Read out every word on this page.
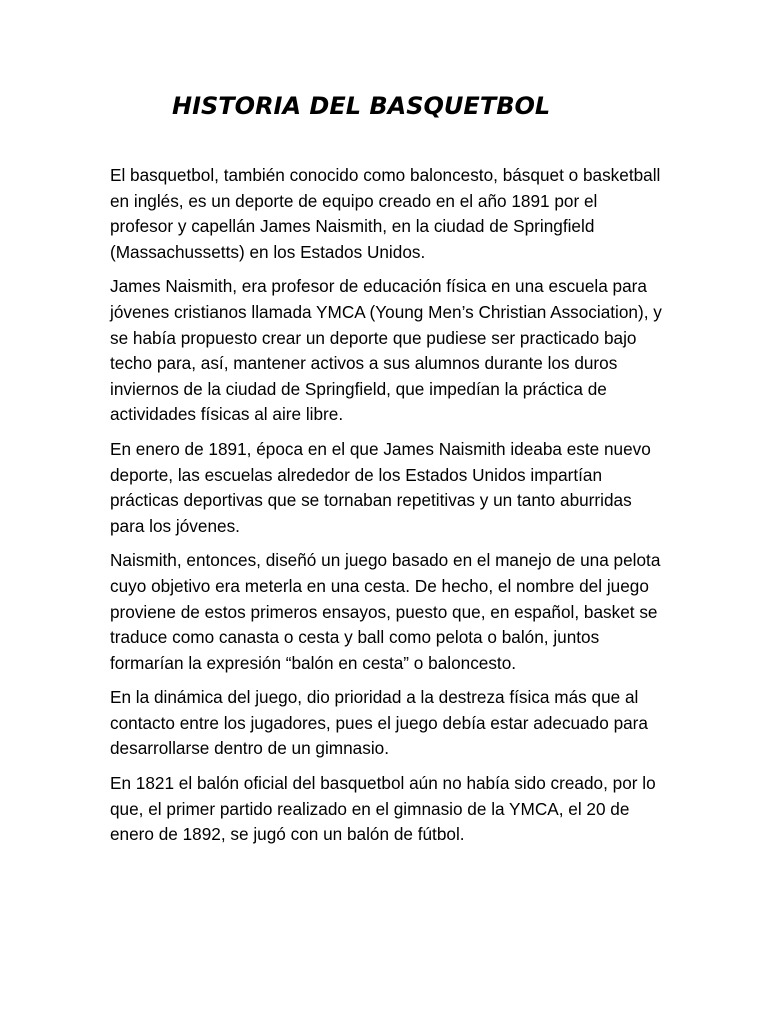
HISTORIA DEL BASQUETBOL

El basquetbol, también conocido como baloncesto, básquet o basketball en inglés, es un deporte de equipo creado en el año 1891 por el profesor y capellán James Naismith, en la ciudad de Springfield (Massachussetts) en los Estados Unidos.

James Naismith, era profesor de educación física en una escuela para jóvenes cristianos llamada YMCA (Young Men’s Christian Association), y se había propuesto crear un deporte que pudiese ser practicado bajo techo para, así, mantener activos a sus alumnos durante los duros inviernos de la ciudad de Springfield, que impedían la práctica de actividades físicas al aire libre.

En enero de 1891, época en el que James Naismith ideaba este nuevo deporte, las escuelas alrededor de los Estados Unidos impartían prácticas deportivas que se tornaban repetitivas y un tanto aburridas para los jóvenes.

Naismith, entonces, diseñó un juego basado en el manejo de una pelota cuyo objetivo era meterla en una cesta. De hecho, el nombre del juego proviene de estos primeros ensayos, puesto que, en español, basket se traduce como canasta o cesta y ball como pelota o balón, juntos formarían la expresión “balón en cesta” o baloncesto.

En la dinámica del juego, dio prioridad a la destreza física más que al contacto entre los jugadores, pues el juego debía estar adecuado para desarrollarse dentro de un gimnasio.

En 1821 el balón oficial del basquetbol aún no había sido creado, por lo que, el primer partido realizado en el gimnasio de la YMCA, el 20 de enero de 1892, se jugó con un balón de fútbol.
